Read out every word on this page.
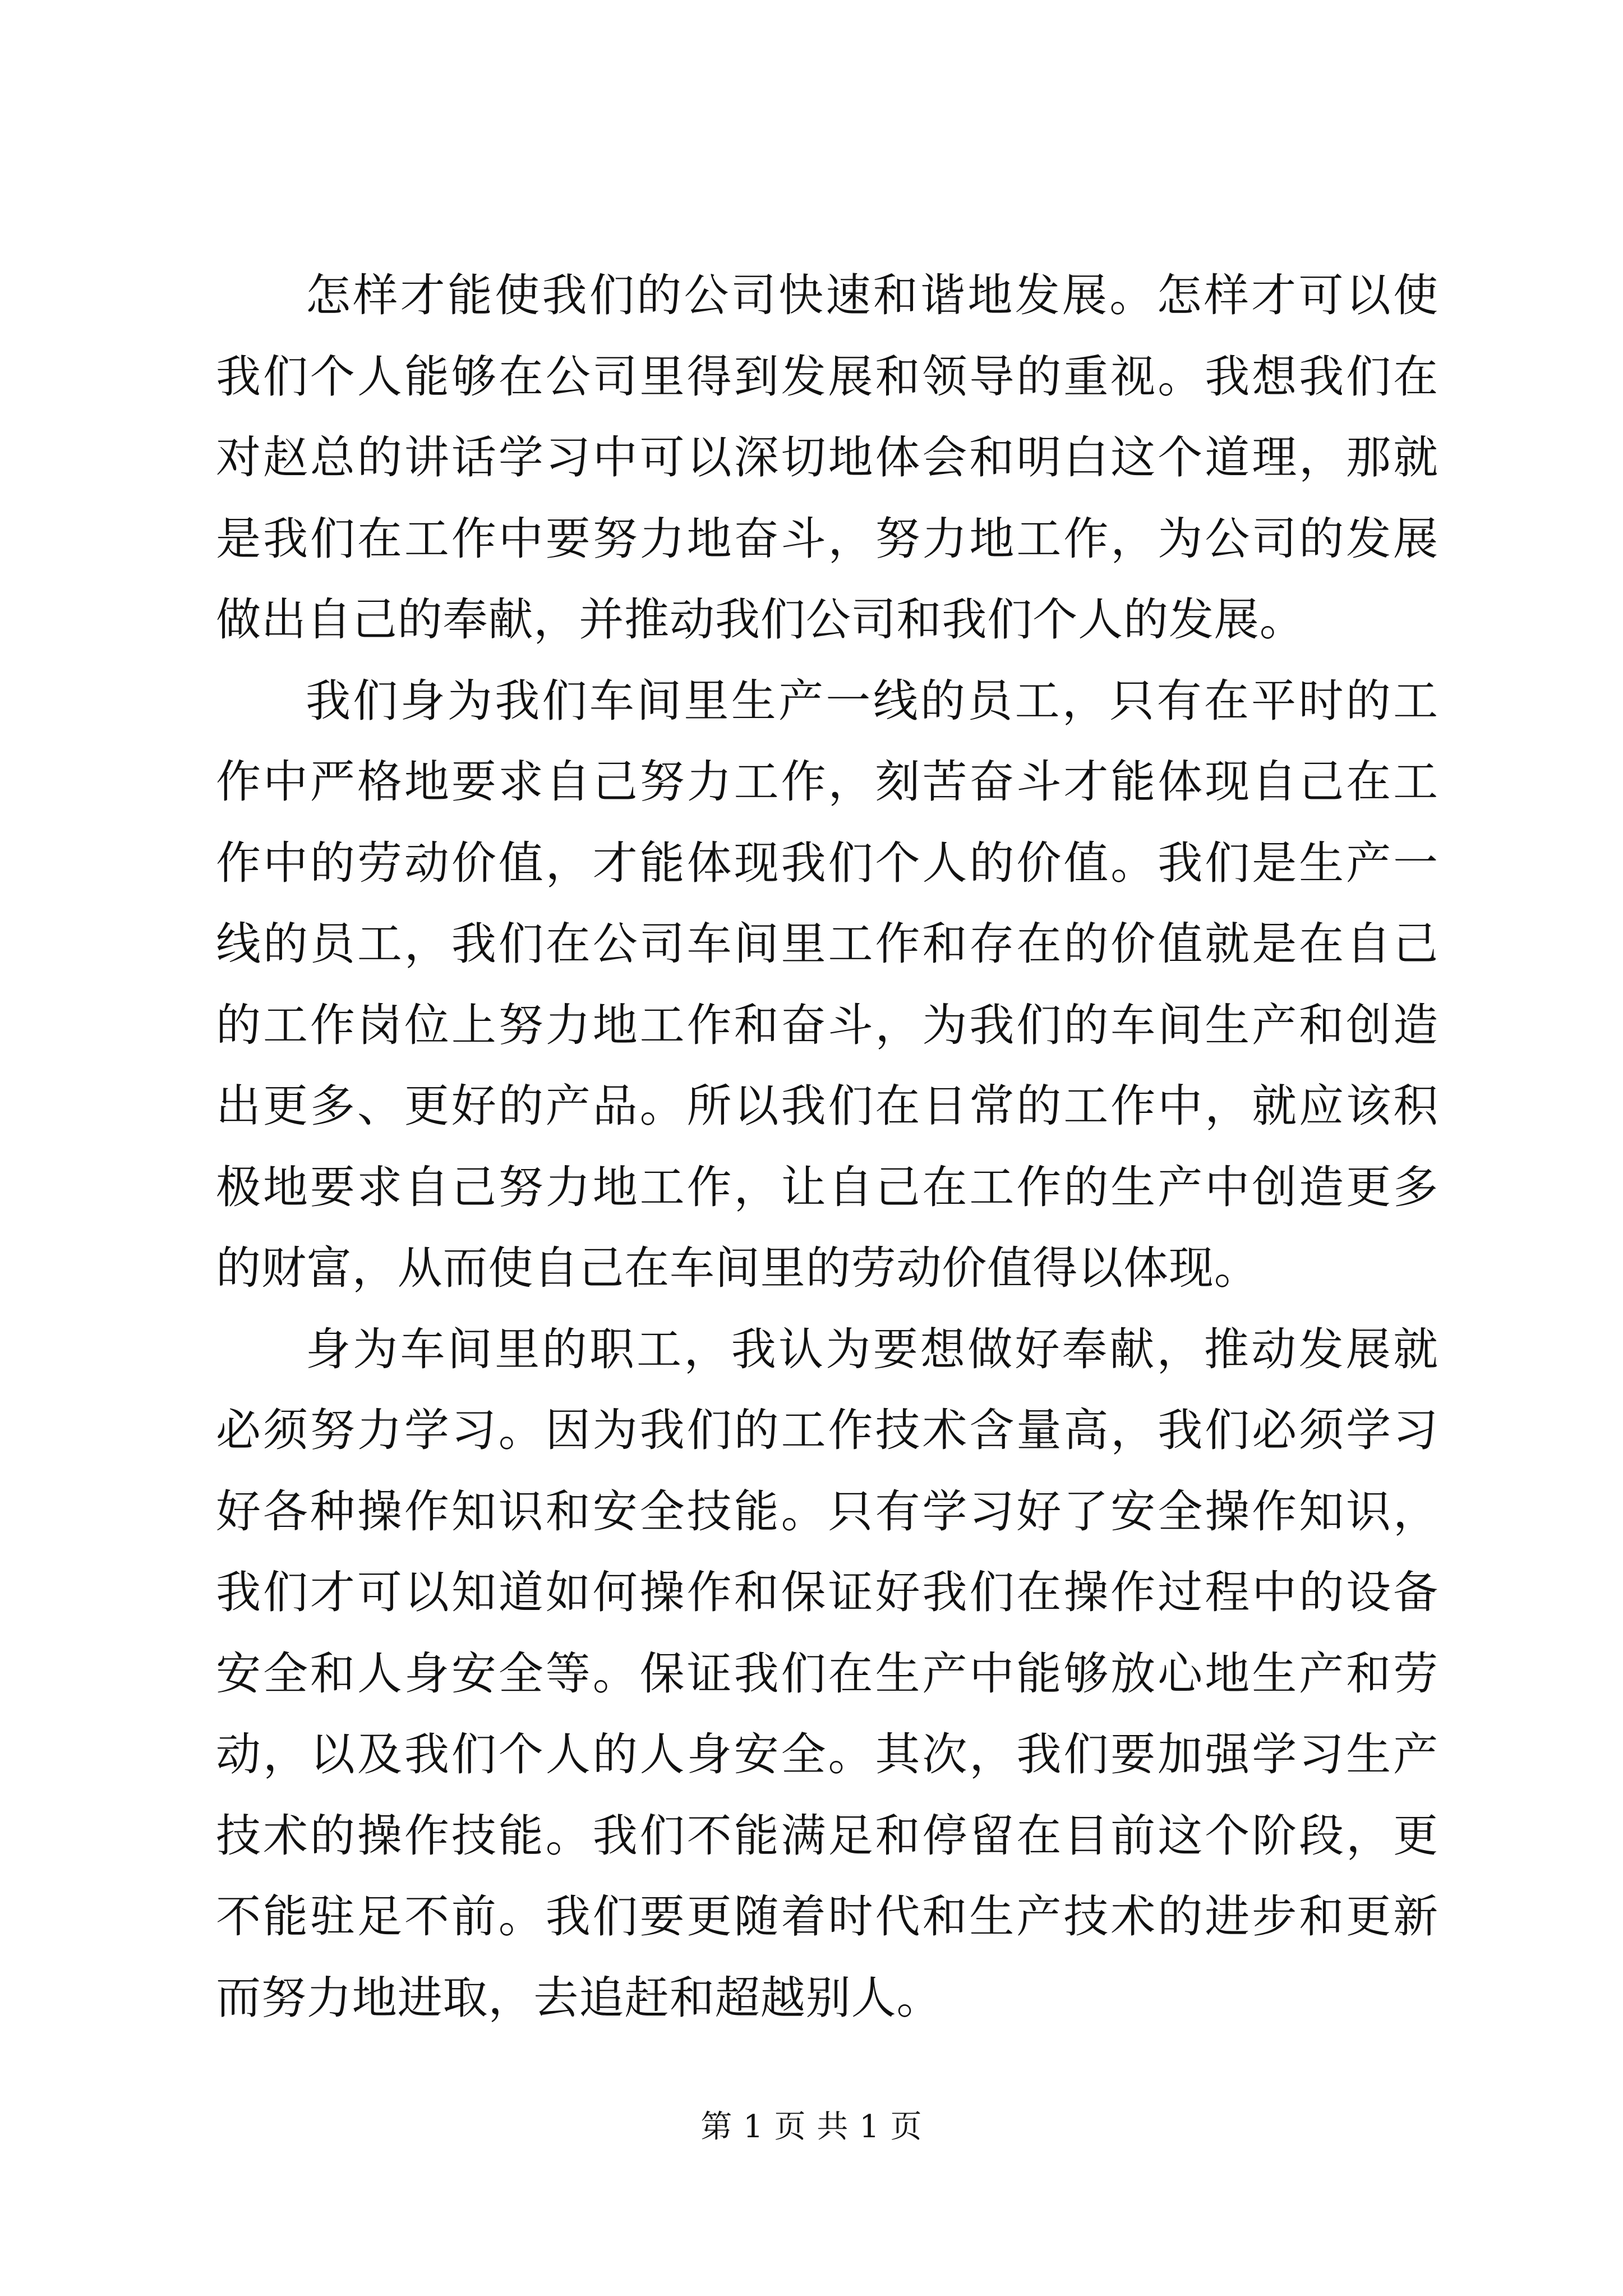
怎样才能使我们的公司快速和谐地发展。怎样才可以使我们个人能够在公司里得到发展和领导的重视。我想我们在对赵总的讲话学习中可以深切地体会和明白这个道理，那就是我们在工作中要努力地奋斗，努力地工作，为公司的发展做出自己的奉献，并推动我们公司和我们个人的发展。

我们身为我们车间里生产一线的员工，只有在平时的工作中严格地要求自己努力工作，刻苦奋斗才能体现自己在工作中的劳动价值，才能体现我们个人的价值。我们是生产一线的员工，我们在公司车间里工作和存在的价值就是在自己的工作岗位上努力地工作和奋斗，为我们的车间生产和创造出更多、更好的产品。所以我们在日常的工作中，就应该积极地要求自己努力地工作，让自己在工作的生产中创造更多的财富，从而使自己在车间里的劳动价值得以体现。

身为车间里的职工，我认为要想做好奉献，推动发展就必须努力学习。因为我们的工作技术含量高，我们必须学习好各种操作知识和安全技能。只有学习好了安全操作知识，我们才可以知道如何操作和保证好我们在操作过程中的设备安全和人身安全等。保证我们在生产中能够放心地生产和劳动，以及我们个人的人身安全。其次，我们要加强学习生产技术的操作技能。我们不能满足和停留在目前这个阶段，更不能驻足不前。我们要更随着时代和生产技术的进步和更新而努力地进取，去追赶和超越别人。

第 1 页 共 1 页
